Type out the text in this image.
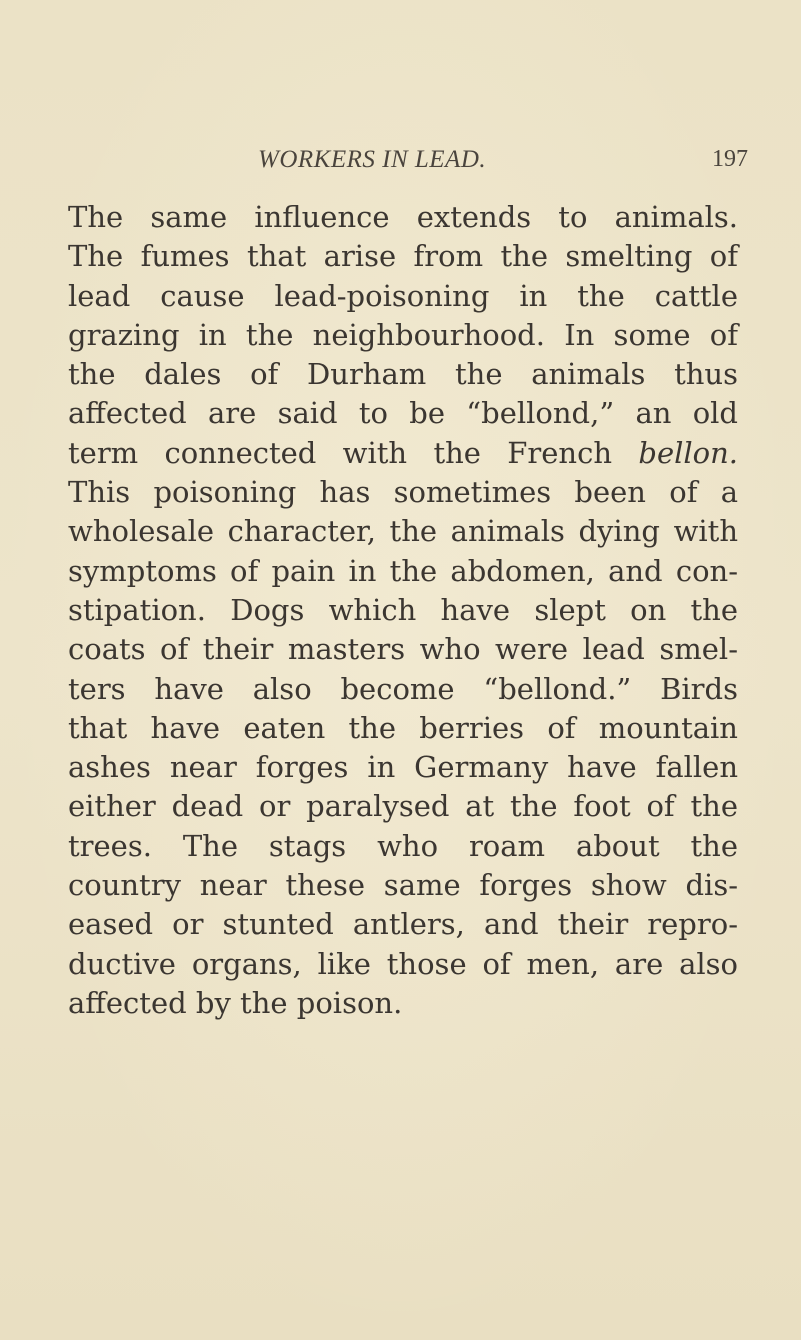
WORKERS IN LEAD.	197
The same influence extends to animals.
The fumes that arise from the smelting of
lead cause lead-poisoning in the cattle
grazing in the neighbourhood. In some of
the dales of Durham the animals thus
affected are said to be “bellond,” an old
term connected with the French bellon.
This poisoning has sometimes been of a
wholesale character, the animals dying with
symptoms of pain in the abdomen, and con-
stipation. Dogs which have slept on the
coats of their masters who were lead smel-
ters have also become “bellond.” Birds
that have eaten the berries of mountain
ashes near forges in Germany have fallen
either dead or paralysed at the foot of the
trees. The stags who roam about the
country near these same forges show dis-
eased or stunted antlers, and their repro-
ductive organs, like those of men, are also
affected by the poison.
